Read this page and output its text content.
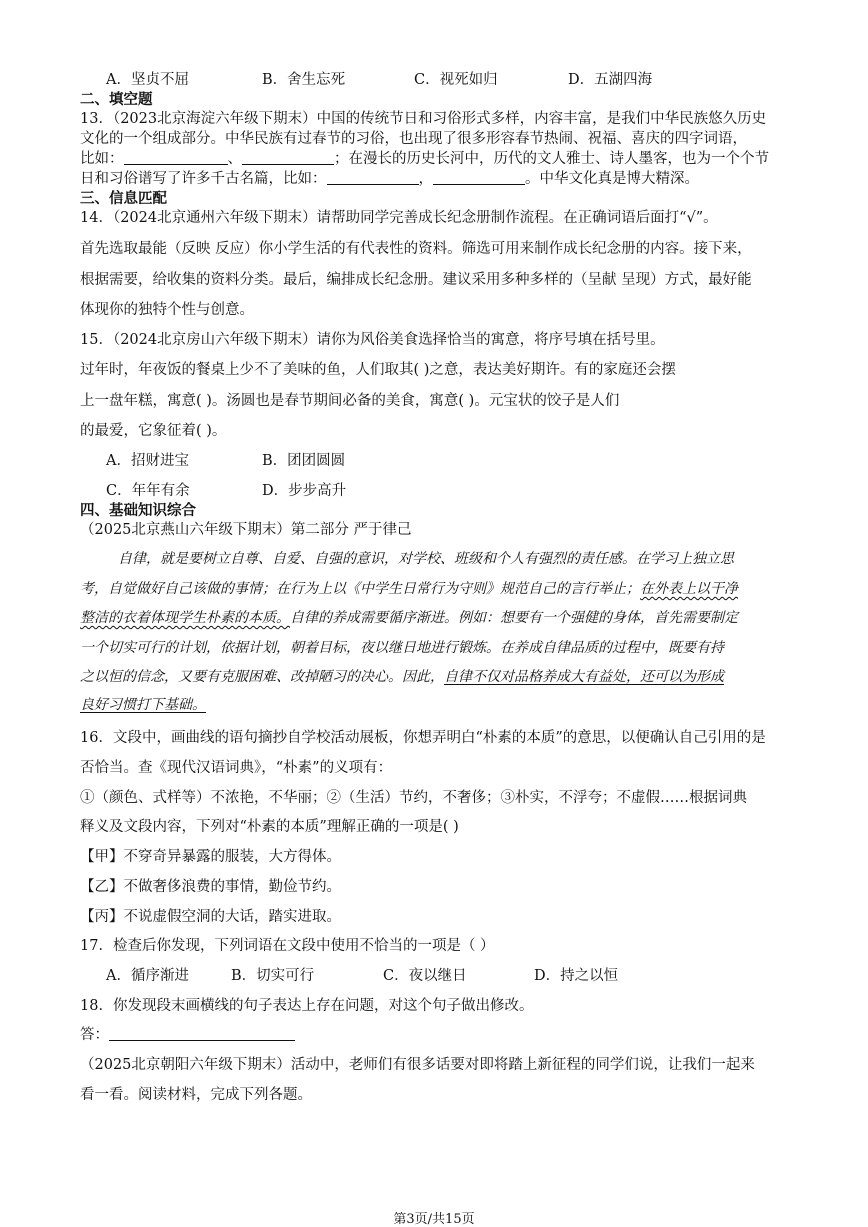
A．坚贞不屈	B．舍生忘死	C．视死如归	D．五湖四海
二、填空题
13．（2023北京海淀六年级下期末）中国的传统节日和习俗形式多样，内容丰富，是我们中华民族悠久历史
文化的一个组成部分。中华民族有过春节的习俗，也出现了很多形容春节热闹、祝福、喜庆的四字词语，
比如：	、	；在漫长的历史长河中，历代的文人雅士、诗人墨客，也为一个个节
日和习俗谱写了许多千古名篇，比如：	，	。中华文化真是博大精深。
三、信息匹配
14．（2024北京通州六年级下期末）请帮助同学完善成长纪念册制作流程。在正确词语后面打“√”。
首先选取最能（反映 反应）你小学生活的有代表性的资料。筛选可用来制作成长纪念册的内容。接下来，
根据需要，给收集的资料分类。最后，编排成长纪念册。建议采用多种多样的（呈献 呈现）方式，最好能
体现你的独特个性与创意。
15．（2024北京房山六年级下期末）请你为风俗美食选择恰当的寓意，将序号填在括号里。
过年时，年夜饭的餐桌上少不了美味的鱼，人们取其( )之意，表达美好期许。有的家庭还会摆
上一盘年糕，寓意( )。汤圆也是春节期间必备的美食，寓意( )。元宝状的饺子是人们
的最爱，它象征着( )。
A．招财进宝	B．团团圆圆
C．年年有余	D．步步高升
四、基础知识综合
（2025北京燕山六年级下期末）第二部分 严于律己
自律，就是要树立自尊、自爱、自强的意识，对学校、班级和个人有强烈的责任感。在学习上独立思
考，自觉做好自己该做的事情；在行为上以《中学生日常行为守则》规范自己的言行举止；在外表上以干净
整洁的衣着体现学生朴素的本质。自律的养成需要循序渐进。例如：想要有一个强健的身体，首先需要制定
一个切实可行的计划，依据计划，朝着目标，夜以继日地进行锻炼。在养成自律品质的过程中，既要有持
之以恒的信念，又要有克服困难、改掉陋习的决心。因此，自律不仅对品格养成大有益处，还可以为形成
良好习惯打下基础。
16．文段中，画曲线的语句摘抄自学校活动展板，你想弄明白“朴素的本质”的意思，以便确认自己引用的是
否恰当。查《现代汉语词典》，“朴素”的义项有：
①（颜色、式样等）不浓艳，不华丽；②（生活）节约，不奢侈；③朴实，不浮夸；不虚假……根据词典
释义及文段内容，下列对“朴素的本质”理解正确的一项是( )
【甲】不穿奇异暴露的服装，大方得体。
【乙】不做奢侈浪费的事情，勤俭节约。
【丙】不说虚假空洞的大话，踏实进取。
17．检查后你发现，下列词语在文段中使用不恰当的一项是（ ）
A．循序渐进	B．切实可行	C．夜以继日	D．持之以恒
18．你发现段末画横线的句子表达上存在问题，对这个句子做出修改。
答：
（2025北京朝阳六年级下期末）活动中，老师们有很多话要对即将踏上新征程的同学们说，让我们一起来
看一看。阅读材料，完成下列各题。
第3页/共15页
